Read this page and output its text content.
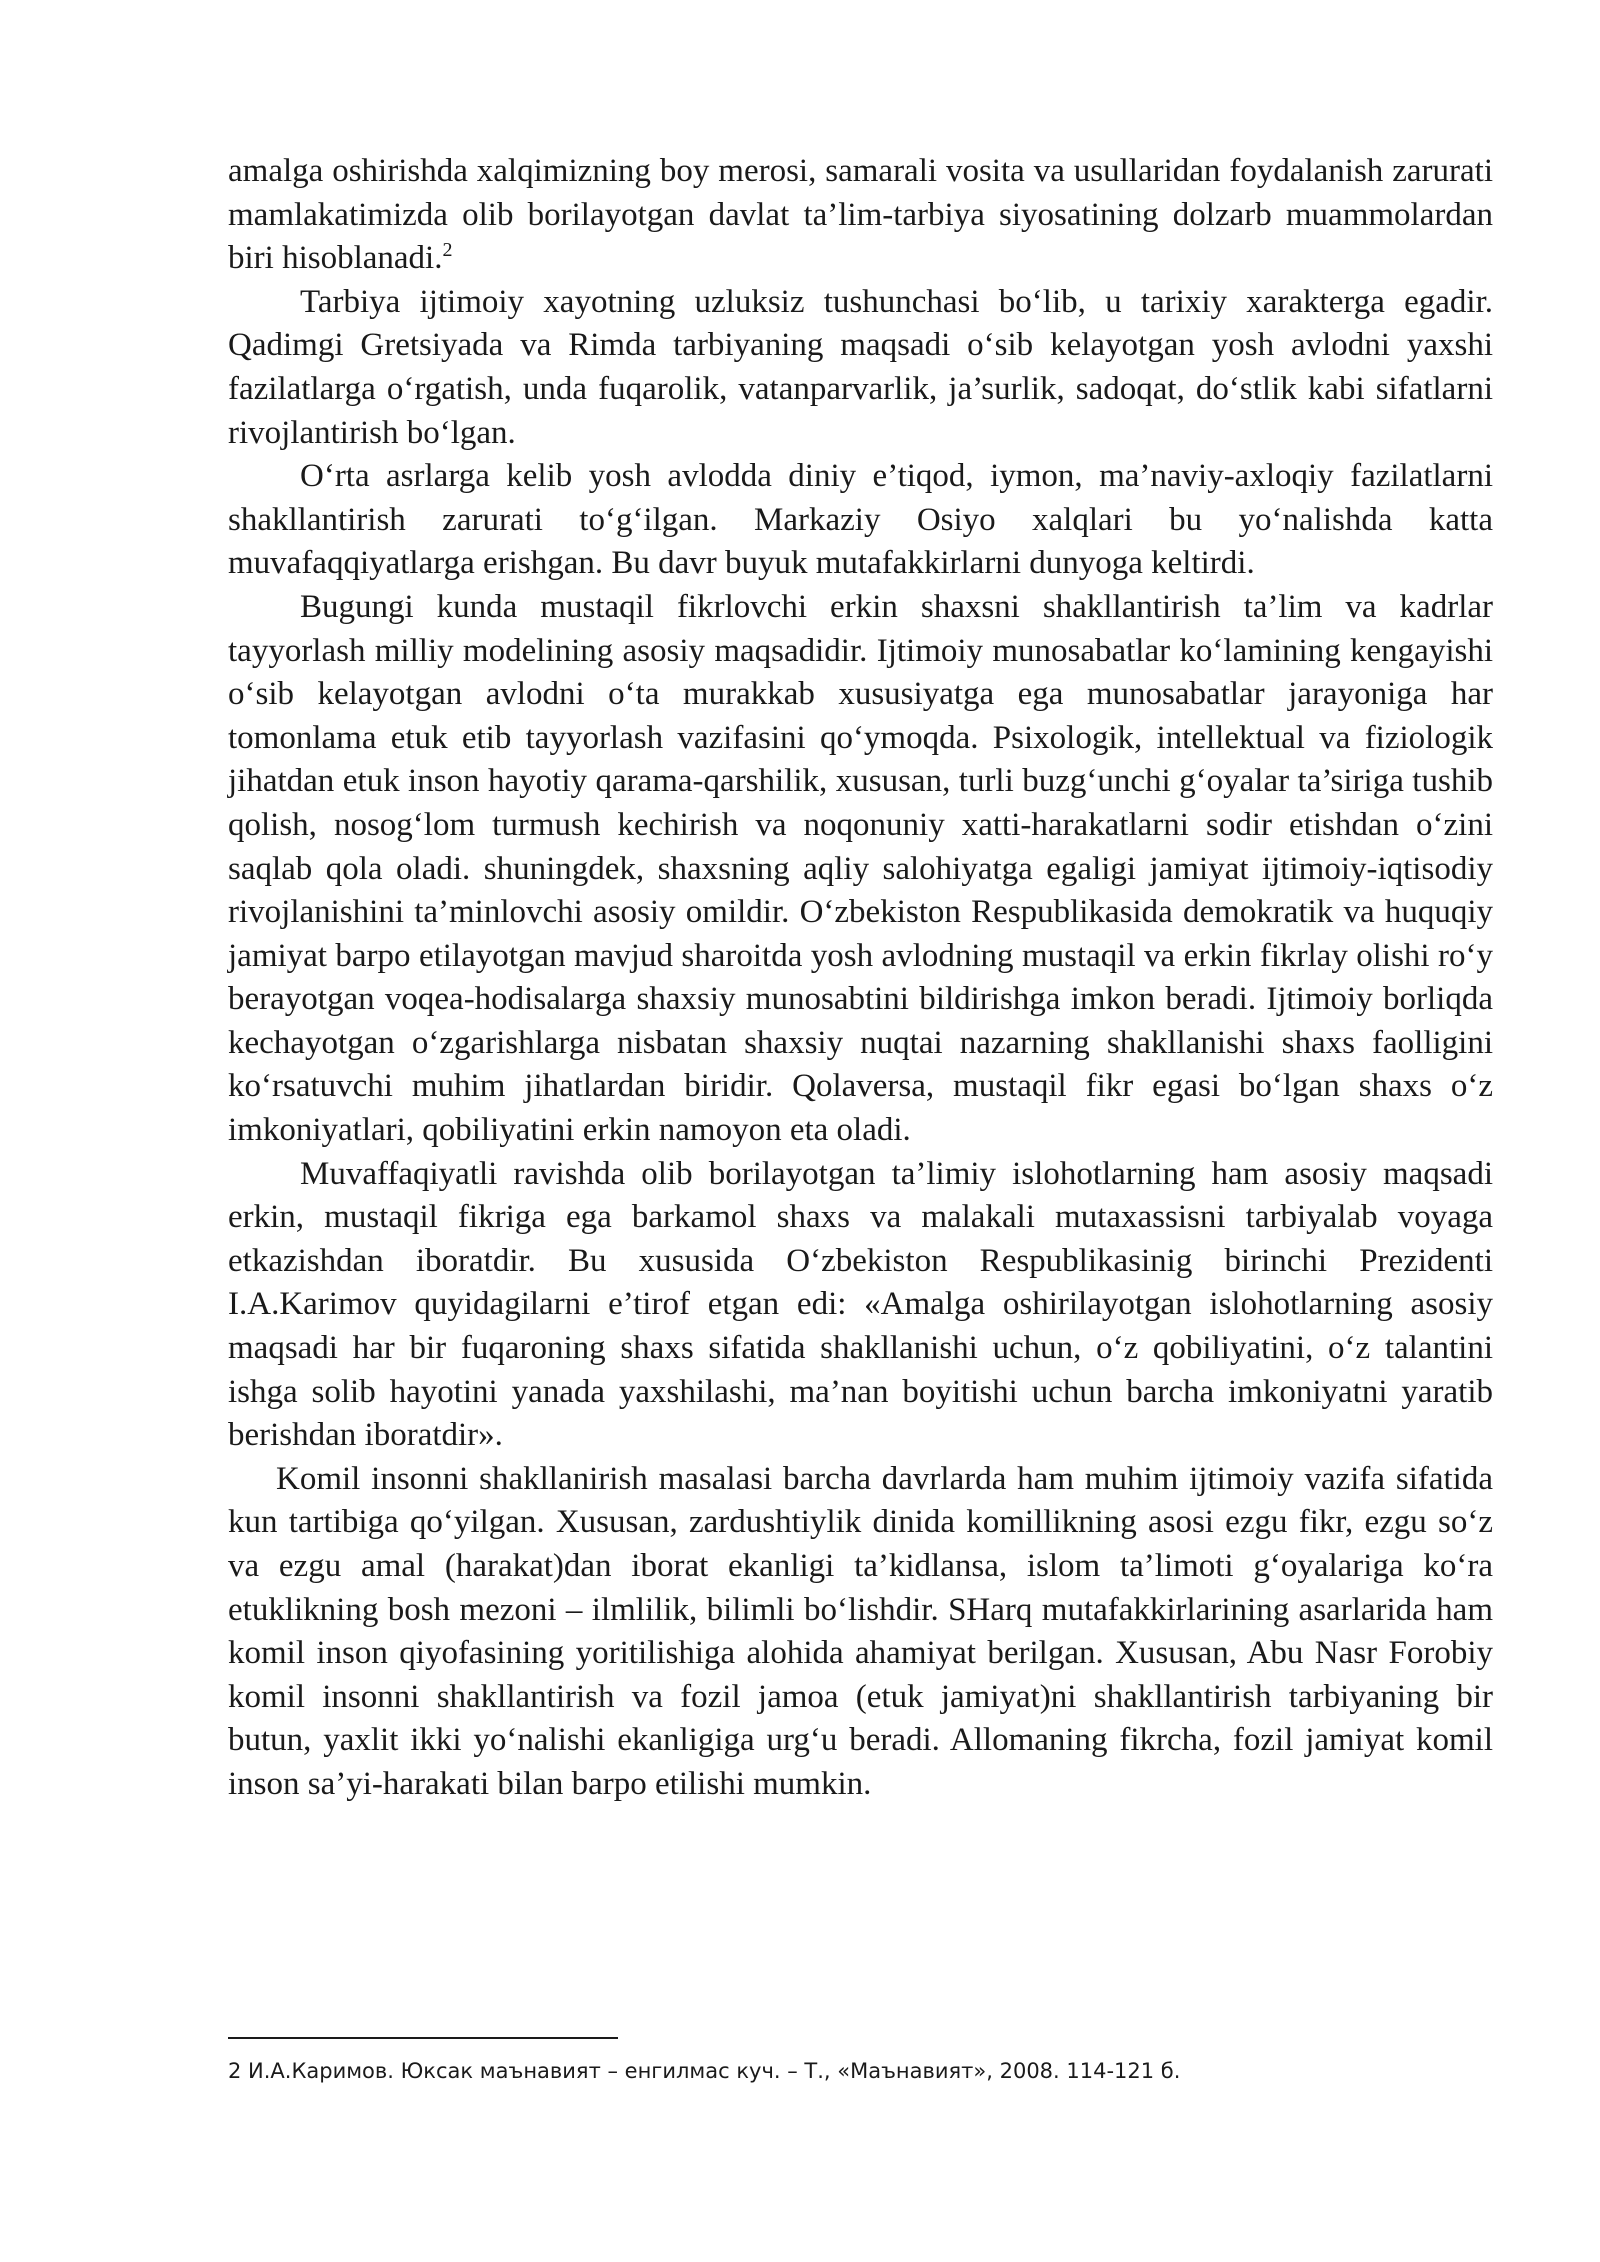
amalga oshirishda xalqimizning boy merosi, samarali vosita va usullaridan foydalanish zarurati mamlakatimizda olib borilayotgan davlat ta’lim-tarbiya siyosatining dolzarb muammolardan biri hisoblanadi.$^2$

Tarbiya ijtimoiy xayotning uzluksiz tushunchasi bo‘lib, u tarixiy xarakterga egadir. Qadimgi Gretsiyada va Rimda tarbiyaning maqsadi o‘sib kelayotgan yosh avlodni yaxshi fazilatlarga o‘rgatish, unda fuqarolik, vatanparvarlik, ja’surlik, sadoqat, do‘stlik kabi sifatlarni rivojlantirish bo‘lgan.

O‘rta asrlarga kelib yosh avlodda diniy e’tiqod, iymon, ma’naviy-axloqiy fazilatlarni shakllantirish zarurati to‘g‘ilgan. Markaziy Osiyo xalqlari bu yo‘nalishda katta muvafaqqiyatlarga erishgan. Bu davr buyuk mutafakkirlarni dunyoga keltirdi.

Bugungi kunda mustaqil fikrlovchi erkin shaxsni shakllantirish ta’lim va kadrlar tayyorlash milliy modelining asosiy maqsadidir. Ijtimoiy munosabatlar ko‘lamining kengayishi o‘sib kelayotgan avlodni o‘ta murakkab xususiyatga ega munosabatlar jarayoniga har tomonlama etuk etib tayyorlash vazifasini qo‘ymoqda. Psixologik, intellektual va fiziologik jihatdan etuk inson hayotiy qarama-qarshilik, xususan, turli buzg‘unchi g‘oyalar ta’siriga tushib qolish, nosog‘lom turmush kechirish va noqonuniy xatti-harakatlarni sodir etishdan o‘zini saqlab qola oladi. shuningdek, shaxsning aqliy salohiyatga egaligi jamiyat ijtimoiy-iqtisodiy rivojlanishini ta’minlovchi asosiy omildir. O‘zbekiston Respublikasida demokratik va huquqiy jamiyat barpo etilayotgan mavjud sharoitda yosh avlodning mustaqil va erkin fikrlay olishi ro‘y berayotgan voqea-hodisalarga shaxsiy munosabtini bildirishga imkon beradi. Ijtimoiy borliqda kechayotgan o‘zgarishlarga nisbatan shaxsiy nuqtai nazarning shakllanishi shaxs faolligini ko‘rsatuvchi muhim jihatlardan biridir. Qolaversa, mustaqil fikr egasi bo‘lgan shaxs o‘z imkoniyatlari, qobiliyatini erkin namoyon eta oladi.

Muvaffaqiyatli ravishda olib borilayotgan ta’limiy islohotlarning ham asosiy maqsadi erkin, mustaqil fikriga ega barkamol shaxs va malakali mutaxassisni tarbiyalab voyaga etkazishdan iboratdir. Bu xususida O‘zbekiston Respublikasinig birinchi Prezidenti I.A.Karimov quyidagilarni e’tirof etgan edi: «Amalga oshirilayotgan islohotlarning asosiy maqsadi har bir fuqaroning shaxs sifatida shakllanishi uchun, o‘z qobiliyatini, o‘z talantini ishga solib hayotini yanada yaxshilashi, ma’nan boyitishi uchun barcha imkoniyatni yaratib berishdan iboratdir».

Komil insonni shakllanirish masalasi barcha davrlarda ham muhim ijtimoiy vazifa sifatida kun tartibiga qo‘yilgan. Xususan, zardushtiylik dinida komillikning asosi ezgu fikr, ezgu so‘z va ezgu amal (harakat)dan iborat ekanligi ta’kidlansa, islom ta’limoti g‘oyalariga ko‘ra etuklikning bosh mezoni – ilmlilik, bilimli bo‘lishdir. SHarq mutafakkirlarining asarlarida ham komil inson qiyofasining yoritilishiga alohida ahamiyat berilgan. Xususan, Abu Nasr Forobiy komil insonni shakllantirish va fozil jamoa (etuk jamiyat)ni shakllantirish tarbiyaning bir butun, yaxlit ikki yo‘nalishi ekanligiga urg‘u beradi. Allomaning fikrcha, fozil jamiyat komil inson sa’yi-harakati bilan barpo etilishi mumkin.

2 И.А.Каримов. Юксак маънавият – енгилмас куч. – Т., «Маънавият», 2008. 114-121 б.
